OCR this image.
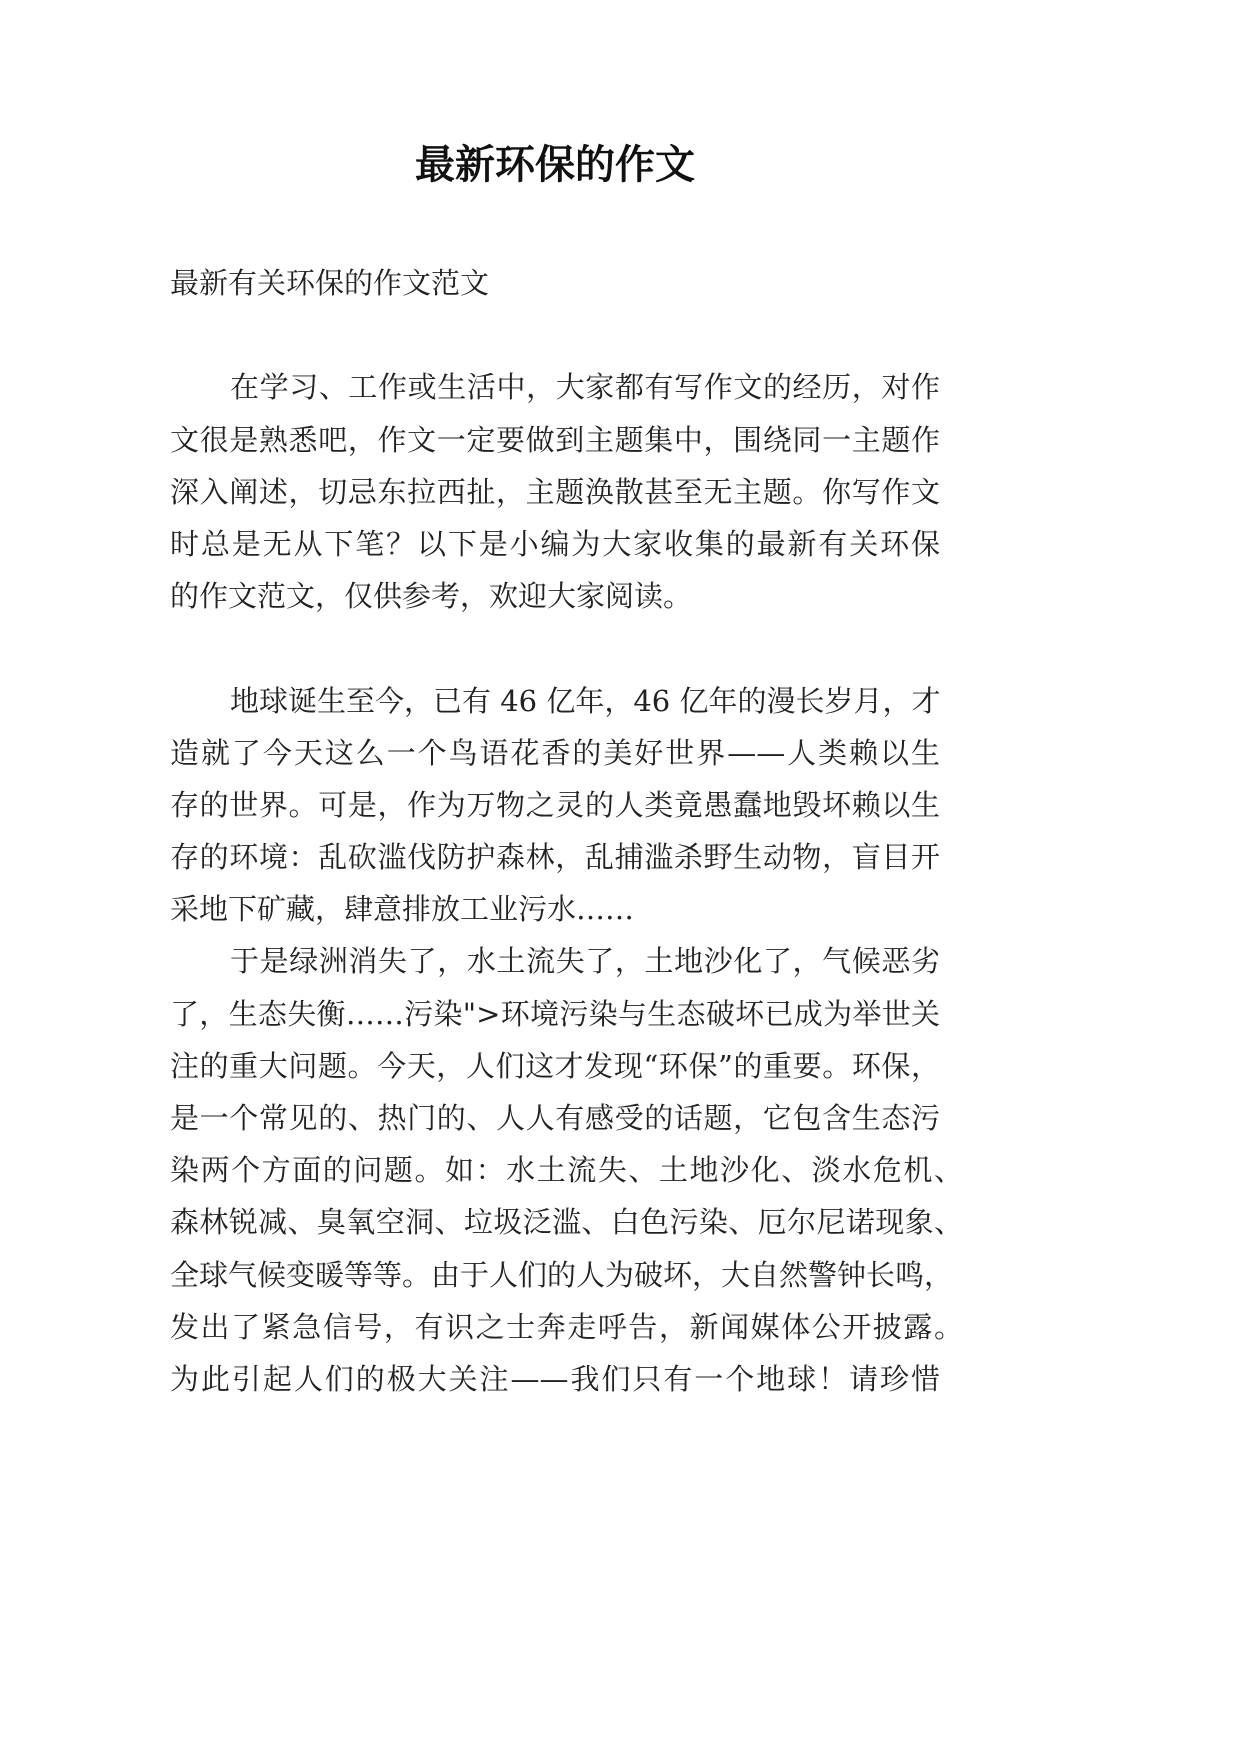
最新环保的作文
最新有关环保的作文范文
在学习、工作或生活中，大家都有写作文的经历，对作
文很是熟悉吧，作文一定要做到主题集中，围绕同一主题作
深入阐述，切忌东拉西扯，主题涣散甚至无主题。你写作文
时总是无从下笔？以下是小编为大家收集的最新有关环保
的作文范文，仅供参考，欢迎大家阅读。
地球诞生至今，已有 46 亿年，46 亿年的漫长岁月，才
造就了今天这么一个鸟语花香的美好世界——人类赖以生
存的世界。可是，作为万物之灵的人类竟愚蠢地毁坏赖以生
存的环境：乱砍滥伐防护森林，乱捕滥杀野生动物，盲目开
采地下矿藏，肆意排放工业污水……
于是绿洲消失了，水土流失了，土地沙化了，气候恶劣
了，生态失衡……污染">环境污染与生态破坏已成为举世关
注的重大问题。今天，人们这才发现“环保”的重要。环保，
是一个常见的、热门的、人人有感受的话题，它包含生态污
染两个方面的问题。如：水土流失、土地沙化、淡水危机、
森林锐减、臭氧空洞、垃圾泛滥、白色污染、厄尔尼诺现象、
全球气候变暖等等。由于人们的人为破坏，大自然警钟长鸣，
发出了紧急信号，有识之士奔走呼告，新闻媒体公开披露。
为此引起人们的极大关注——我们只有一个地球！请珍惜
